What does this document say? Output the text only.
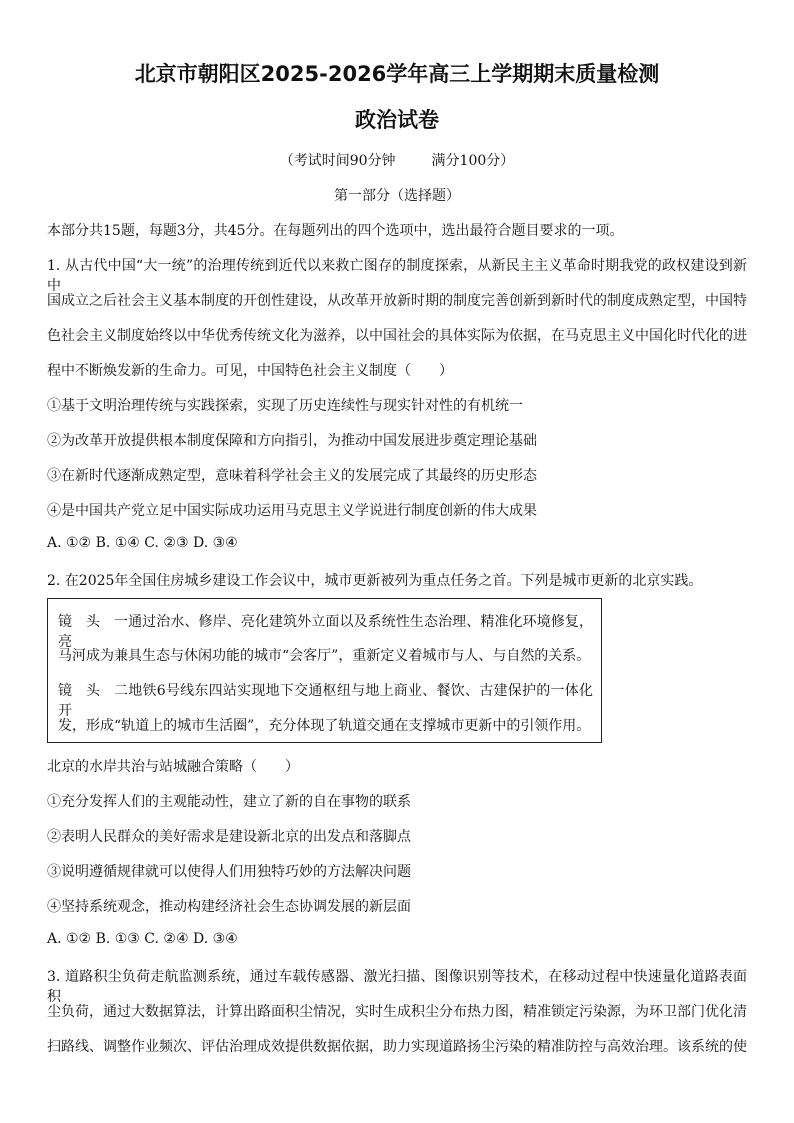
北京市朝阳区2025-2026学年高三上学期期末质量检测
政治试卷
（考试时间90分钟	满分100分）
第一部分（选择题）
本部分共15题，每题3分，共45分。在每题列出的四个选项中，选出最符合题目要求的一项。
1. 从古代中国“大一统”的治理传统到近代以来救亡图存的制度探索，从新民主主义革命时期我党的政权建设到新中
国成立之后社会主义基本制度的开创性建设，从改革开放新时期的制度完善创新到新时代的制度成熟定型，中国特
色社会主义制度始终以中华优秀传统文化为滋养，以中国社会的具体实际为依据，在马克思主义中国化时代化的进
程中不断焕发新的生命力。可见，中国特色社会主义制度（　　）
①基于文明治理传统与实践探索，实现了历史连续性与现实针对性的有机统一
②为改革开放提供根本制度保障和方向指引，为推动中国发展进步奠定理论基础
③在新时代逐渐成熟定型，意味着科学社会主义的发展完成了其最终的历史形态
④是中国共产党立足中国实际成功运用马克思主义学说进行制度创新的伟大成果
A. ①② B. ①④ C. ②③ D. ③④
2. 在2025年全国住房城乡建设工作会议中，城市更新被列为重点任务之首。下列是城市更新的北京实践。
镜头一通过治水、修岸、亮化建筑外立面以及系统性生态治理、精准化环境修复，亮
马河成为兼具生态与休闲功能的城市“会客厅”，重新定义着城市与人、与自然的关系。
镜头二地铁6号线东四站实现地下交通枢纽与地上商业、餐饮、古建保护的一体化开
发，形成“轨道上的城市生活圈”，充分体现了轨道交通在支撑城市更新中的引领作用。
北京的水岸共治与站城融合策略（　　）
①充分发挥人们的主观能动性，建立了新的自在事物的联系
②表明人民群众的美好需求是建设新北京的出发点和落脚点
③说明遵循规律就可以使得人们用独特巧妙的方法解决问题
④坚持系统观念，推动构建经济社会生态协调发展的新层面
A. ①② B. ①③ C. ②④ D. ③④
3. 道路积尘负荷走航监测系统，通过车载传感器、激光扫描、图像识别等技术，在移动过程中快速量化道路表面积
尘负荷，通过大数据算法，计算出路面积尘情况，实时生成积尘分布热力图，精准锁定污染源，为环卫部门优化清
扫路线、调整作业频次、评估治理成效提供数据依据，助力实现道路扬尘污染的精准防控与高效治理。该系统的使
